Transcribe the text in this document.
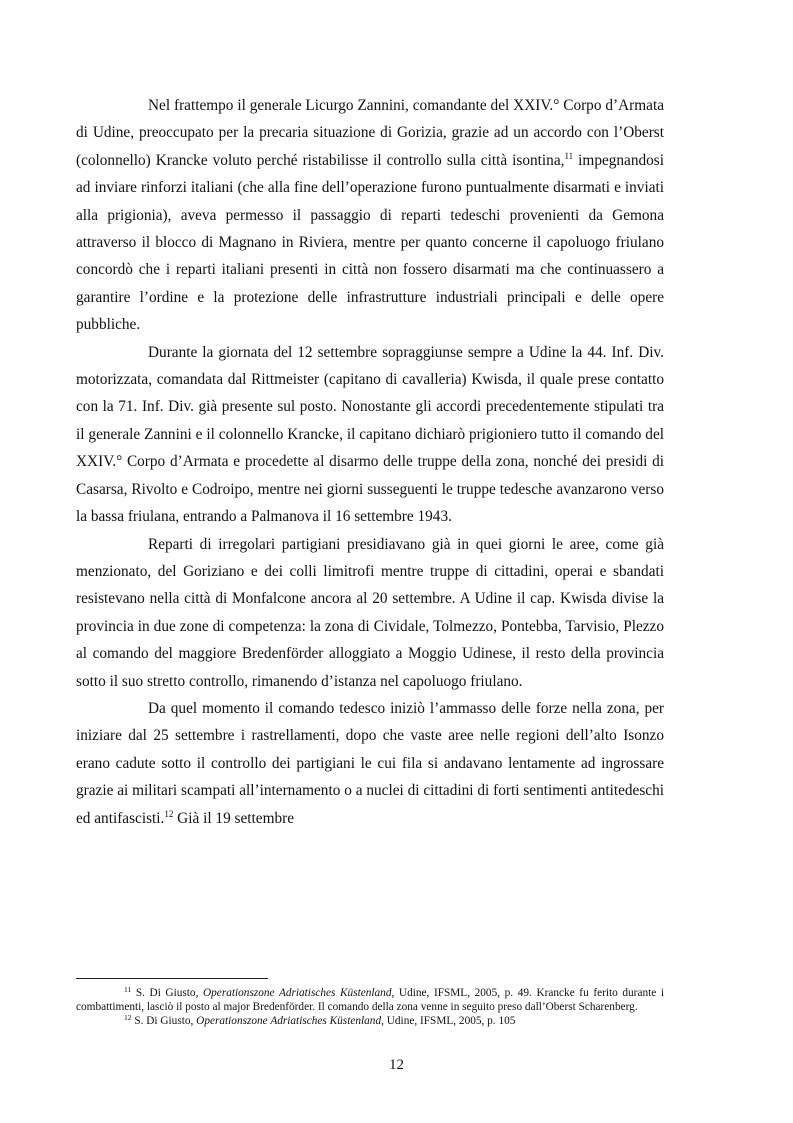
Nel frattempo il generale Licurgo Zannini, comandante del XXIV.° Corpo d’Armata di Udine, preoccupato per la precaria situazione di Gorizia, grazie ad un accordo con l’Oberst (colonnello) Krancke voluto perché ristabilisse il controllo sulla città isontina,$^{11}$ impegnandosi ad inviare rinforzi italiani (che alla fine dell’operazione furono puntualmente disarmati e inviati alla prigionia), aveva permesso il passaggio di reparti tedeschi provenienti da Gemona attraverso il blocco di Magnano in Riviera, mentre per quanto concerne il capoluogo friulano concordò che i reparti italiani presenti in città non fossero disarmati ma che continuassero a garantire l’ordine e la protezione delle infrastrutture industriali principali e delle opere pubbliche.

Durante la giornata del 12 settembre sopraggiunse sempre a Udine la 44. Inf. Div. motorizzata, comandata dal Rittmeister (capitano di cavalleria) Kwisda, il quale prese contatto con la 71. Inf. Div. già presente sul posto. Nonostante gli accordi precedentemente stipulati tra il generale Zannini e il colonnello Krancke, il capitano dichiarò prigioniero tutto il comando del XXIV.° Corpo d’Armata e procedette al disarmo delle truppe della zona, nonché dei presidi di Casarsa, Rivolto e Codroipo, mentre nei giorni susseguenti le truppe tedesche avanzarono verso la bassa friulana, entrando a Palmanova il 16 settembre 1943.

Reparti di irregolari partigiani presidiavano già in quei giorni le aree, come già menzionato, del Goriziano e dei colli limitrofi mentre truppe di cittadini, operai e sbandati resistevano nella città di Monfalcone ancora al 20 settembre. A Udine il cap. Kwisda divise la provincia in due zone di competenza: la zona di Cividale, Tolmezzo, Pontebba, Tarvisio, Plezzo al comando del maggiore Bredenförder alloggiato a Moggio Udinese, il resto della provincia sotto il suo stretto controllo, rimanendo d’istanza nel capoluogo friulano.

Da quel momento il comando tedesco iniziò l’ammasso delle forze nella zona, per iniziare dal 25 settembre i rastrellamenti, dopo che vaste aree nelle regioni dell’alto Isonzo erano cadute sotto il controllo dei partigiani le cui fila si andavano lentamente ad ingrossare grazie ai militari scampati all’internamento o a nuclei di cittadini di forti sentimenti antitedeschi ed antifascisti.$^{12}$ Già il 19 settembre

$^{11}$ S. Di Giusto, Operationszone Adriatisches Küstenland, Udine, IFSML, 2005, p. 49. Krancke fu ferito durante i combattimenti, lasciò il posto al major Bredenförder. Il comando della zona venne in seguito preso dall’Oberst Scharenberg.

$^{12}$ S. Di Giusto, Operationszone Adriatisches Küstenland, Udine, IFSML, 2005, p. 105

12
